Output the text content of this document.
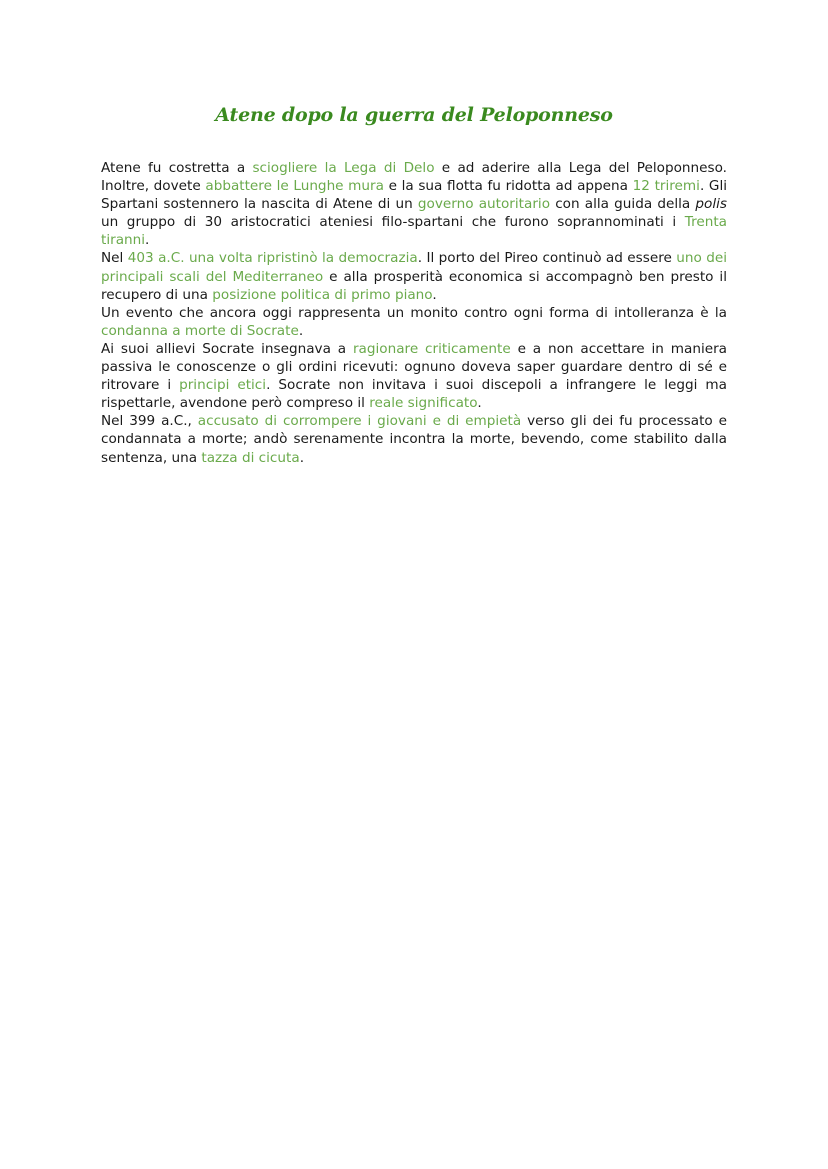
Atene dopo la guerra del Peloponneso

Atene fu costretta a sciogliere la Lega di Delo e ad aderire alla Lega del Peloponneso. Inoltre, dovete abbattere le Lunghe mura e la sua flotta fu ridotta ad appena 12 triremi. Gli Spartani sostennero la nascita di Atene di un governo autoritario con alla guida della polis un gruppo di 30 aristocratici ateniesi filo-spartani che furono soprannominati i Trenta tiranni.

Nel 403 a.C. una volta ripristinò la democrazia. Il porto del Pireo continuò ad essere uno dei principali scali del Mediterraneo e alla prosperità economica si accompagnò ben presto il recupero di una posizione politica di primo piano.

Un evento che ancora oggi rappresenta un monito contro ogni forma di intolleranza è la condanna a morte di Socrate.

Ai suoi allievi Socrate insegnava a ragionare criticamente e a non accettare in maniera passiva le conoscenze o gli ordini ricevuti: ognuno doveva saper guardare dentro di sé e ritrovare i principi etici. Socrate non invitava i suoi discepoli a infrangere le leggi ma rispettarle, avendone però compreso il reale significato.

Nel 399 a.C., accusato di corrompere i giovani e di empietà verso gli dei fu processato e condannata a morte; andò serenamente incontra la morte, bevendo, come stabilito dalla sentenza, una tazza di cicuta.
